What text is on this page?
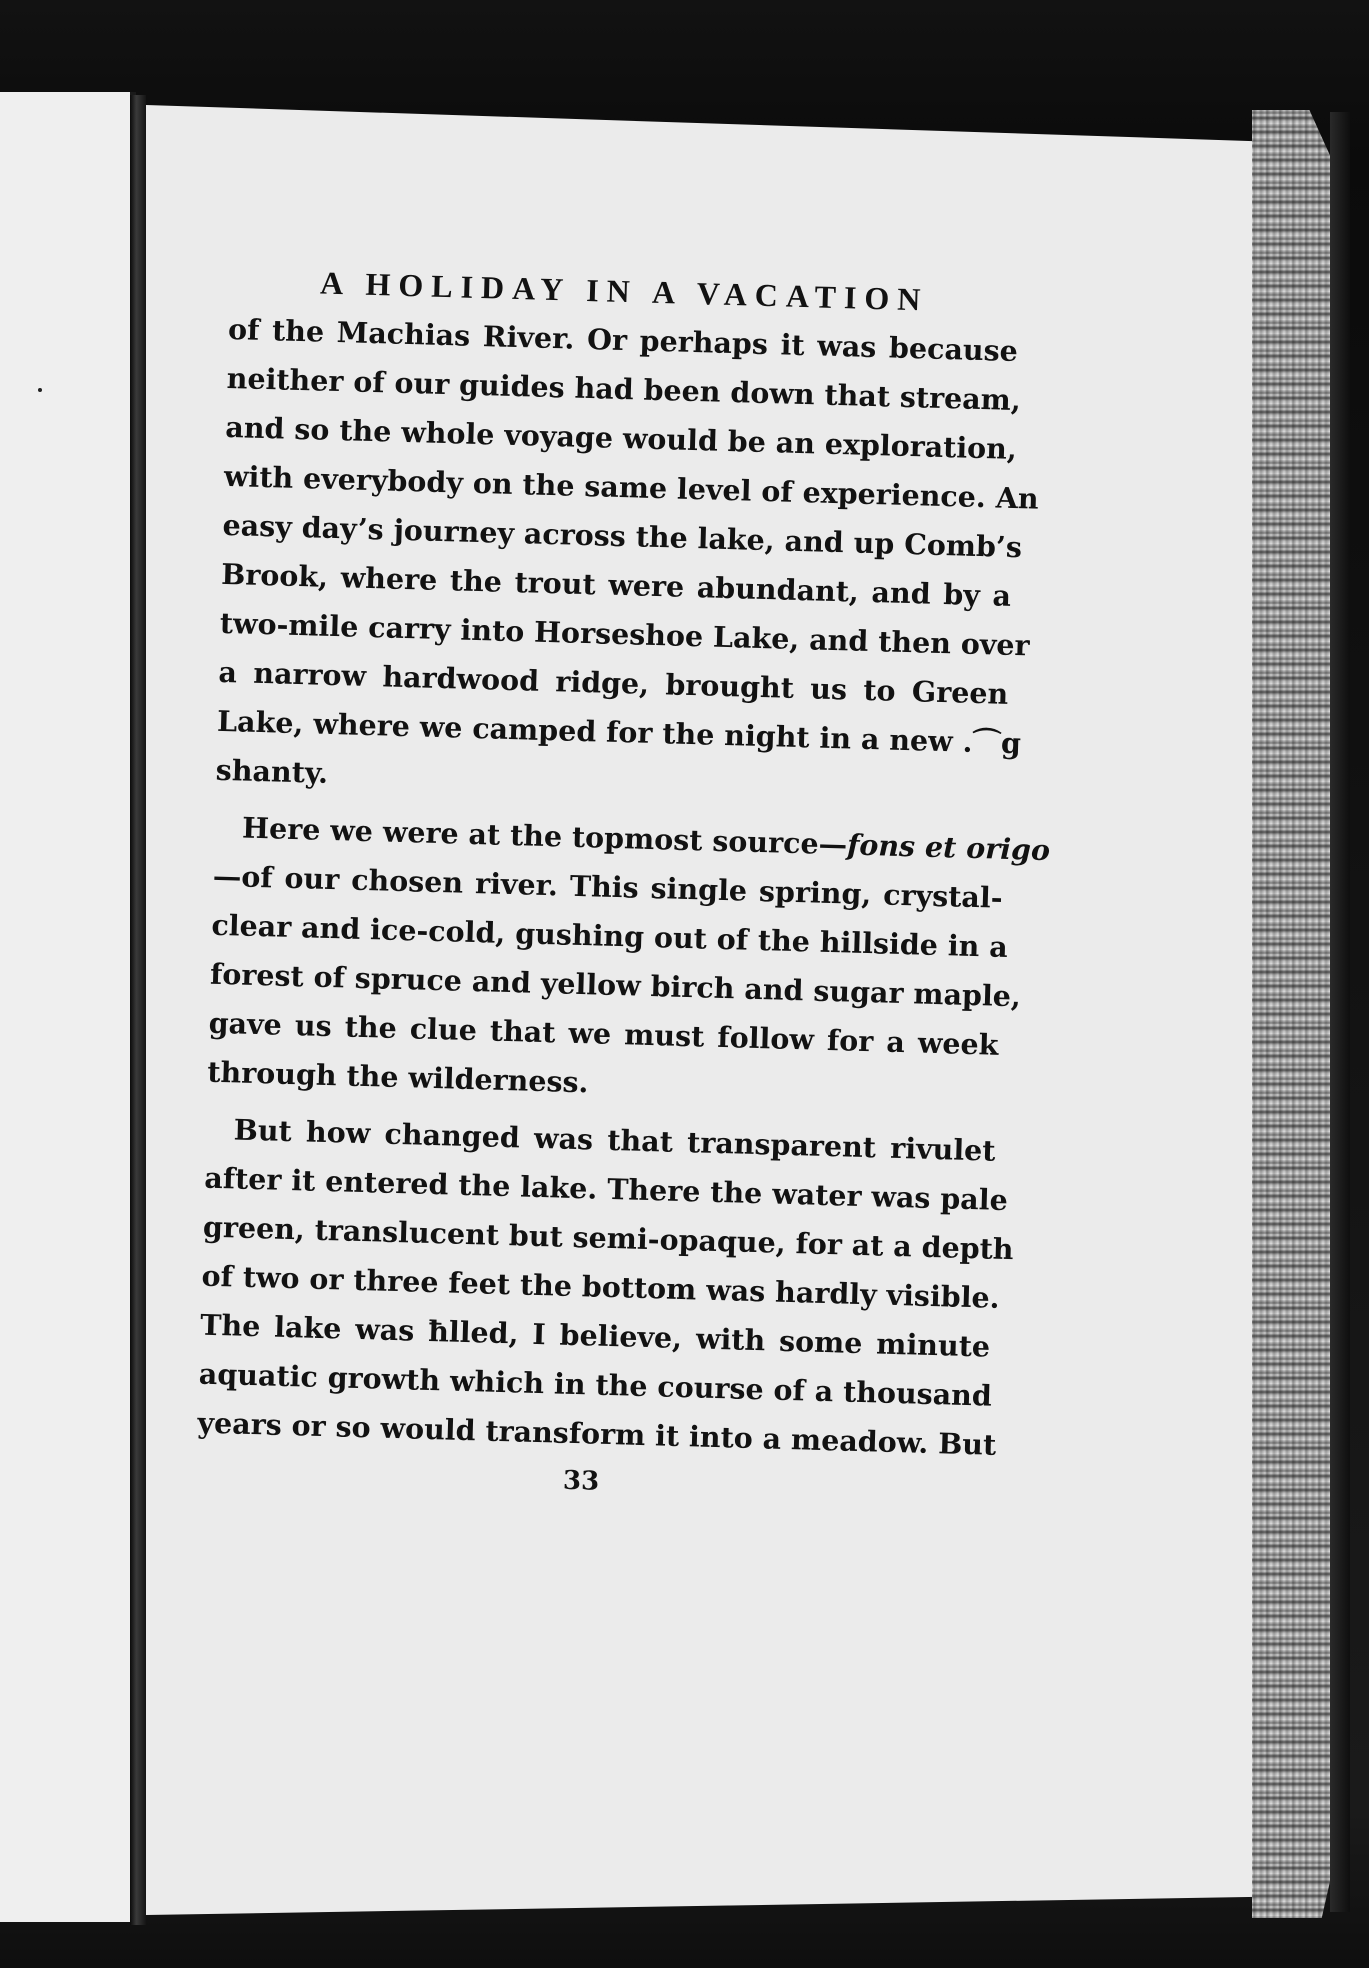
A HOLIDAY IN A VACATION
of the Machias River. Or perhaps it was because
neither of our guides had been down that stream,
and so the whole voyage would be an exploration,
with everybody on the same level of experience. An
easy day’s journey across the lake, and up Comb’s
Brook, where the trout were abundant, and by a
two-mile carry into Horseshoe Lake, and then over
a narrow hardwood ridge, brought us to Green
Lake, where we camped for the night in a new .⌒g
shanty.
Here we were at the topmost source—fons et origo
—of our chosen river. This single spring, crystal-
clear and ice-cold, gushing out of the hillside in a
forest of spruce and yellow birch and sugar maple,
gave us the clue that we must follow for a week
through the wilderness.
But how changed was that transparent rivulet
after it entered the lake. There the water was pale
green, translucent but semi-opaque, for at a depth
of two or three feet the bottom was hardly visible.
The lake was ħlled, I believe, with some minute
aquatic growth which in the course of a thousand
years or so would transform it into a meadow. But
33
